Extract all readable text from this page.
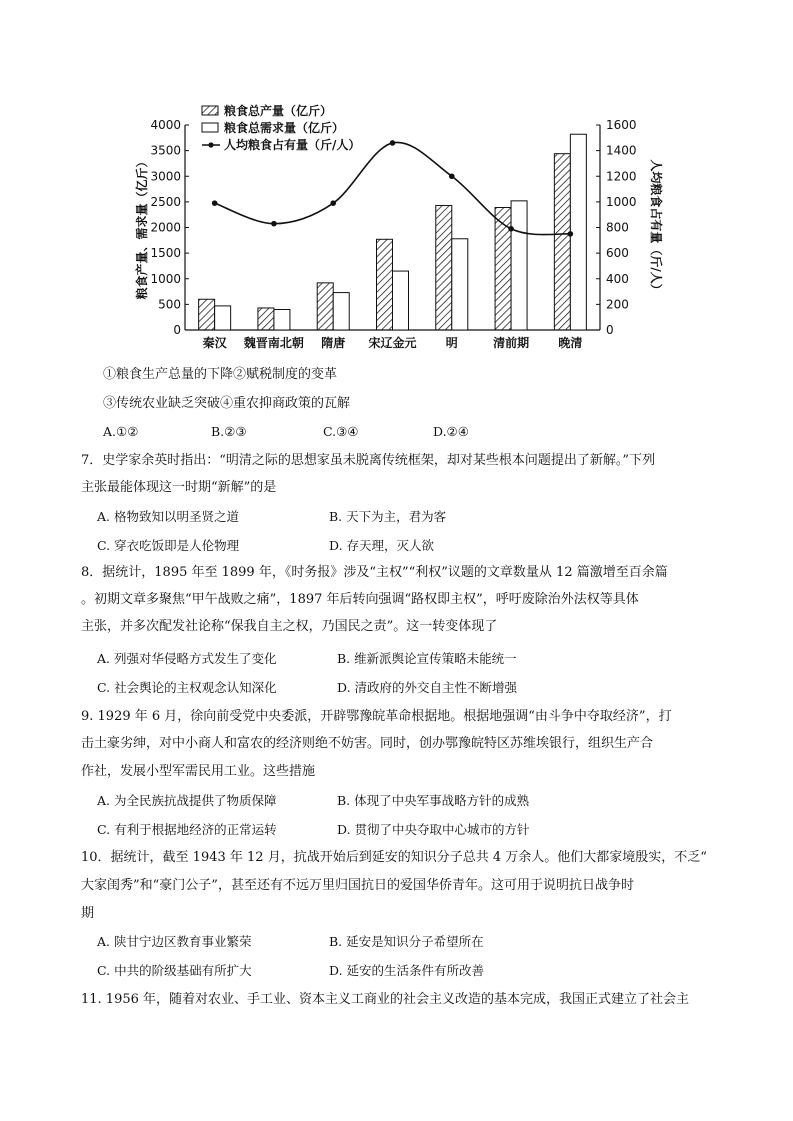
0
500
1000
1500
2000
2500
3000
3500
4000
0
200
400
600
800
1000
1200
1400
1600
粮食产量、需求量（亿斤）	人均粮食占有量（斤/人）
秦汉 魏晋南北朝 隋唐 宋辽金元 明	清前期 晚清
粮食总产量（亿斤）
粮食总需求量（亿斤）
人均粮食占有量（斤/人）
①粮食生产总量的下降②赋税制度的变革
③传统农业缺乏突破④重农抑商政策的瓦解
A.①②	B.②③	C.③④	D.②④
7．史学家余英时指出：“明清之际的思想家虽未脱离传统框架，却对某些根本问题提出了新解。”下列
主张最能体现这一时期“新解”的是
A. 格物致知以明圣贤之道	B. 天下为主，君为客
C. 穿衣吃饭即是人伦物理	D. 存天理，灭人欲
8．据统计，1895 年至 1899 年，《时务报》涉及“主权”“利权”议题的文章数量从 12 篇激增至百余篇
。初期文章多聚焦“甲午战败之痛”，1897 年后转向强调“路权即主权”，呼吁废除治外法权等具体
主张，并多次配发社论称“保我自主之权，乃国民之责”。这一转变体现了
A. 列强对华侵略方式发生了变化	B. 维新派舆论宣传策略未能统一
C. 社会舆论的主权观念认知深化	D. 清政府的外交自主性不断增强
9. 1929 年 6 月，徐向前受党中央委派，开辟鄂豫皖革命根据地。根据地强调“由斗争中夺取经济”，打
击土豪劣绅，对中小商人和富农的经济则绝不妨害。同时，创办鄂豫皖特区苏维埃银行，组织生产合
作社，发展小型军需民用工业。这些措施
A. 为全民族抗战提供了物质保障	B. 体现了中央军事战略方针的成熟
C. 有利于根据地经济的正常运转	D. 贯彻了中央夺取中心城市的方针
10．据统计，截至 1943 年 12 月，抗战开始后到延安的知识分子总共 4 万余人。他们大都家境殷实，不乏“
大家闺秀”和“豪门公子”，甚至还有不远万里归国抗日的爱国华侨青年。这可用于说明抗日战争时
期
A. 陕甘宁边区教育事业繁荣	B. 延安是知识分子希望所在
C. 中共的阶级基础有所扩大	D. 延安的生活条件有所改善
11. 1956 年，随着对农业、手工业、资本主义工商业的社会主义改造的基本完成，我国正式建立了社会主
